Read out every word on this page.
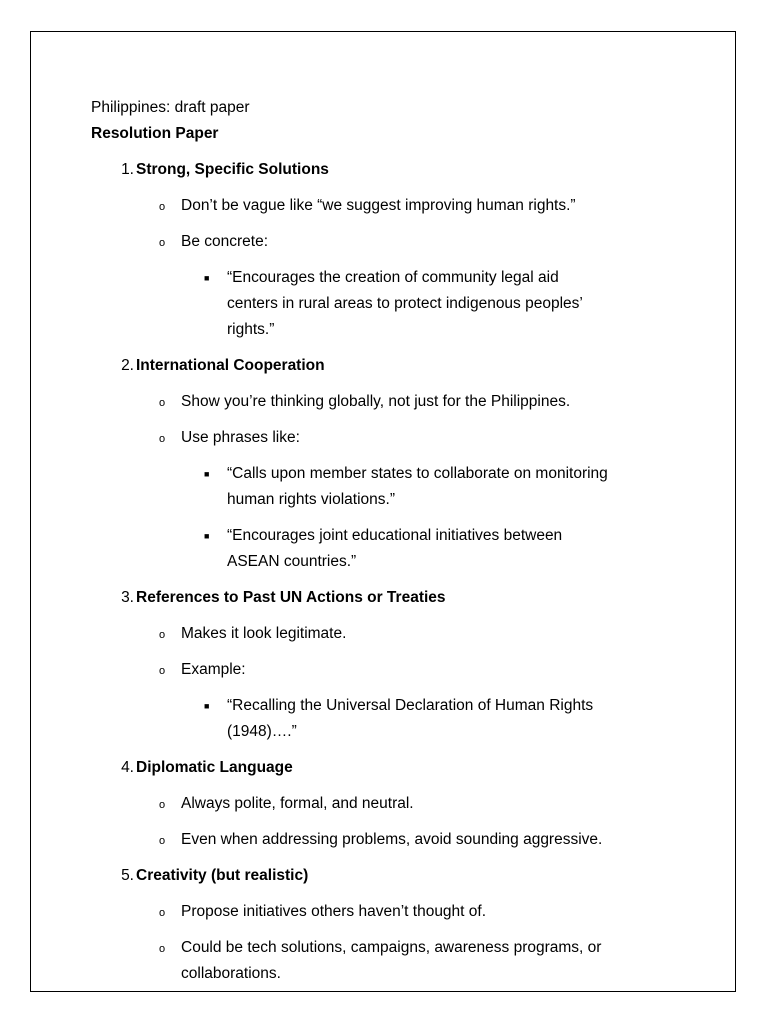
Philippines: draft paper

Resolution Paper

1. Strong, Specific Solutions
o Don’t be vague like “we suggest improving human rights.”
o Be concrete:
■ “Encourages the creation of community legal aid centers in rural areas to protect indigenous peoples’ rights.”
2. International Cooperation
o Show you’re thinking globally, not just for the Philippines.
o Use phrases like:
■ “Calls upon member states to collaborate on monitoring human rights violations.”
■ “Encourages joint educational initiatives between ASEAN countries.”
3. References to Past UN Actions or Treaties
o Makes it look legitimate.
o Example:
■ “Recalling the Universal Declaration of Human Rights (1948)….”
4. Diplomatic Language
o Always polite, formal, and neutral.
o Even when addressing problems, avoid sounding aggressive.
5. Creativity (but realistic)
o Propose initiatives others haven’t thought of.
o Could be tech solutions, campaigns, awareness programs, or collaborations.
